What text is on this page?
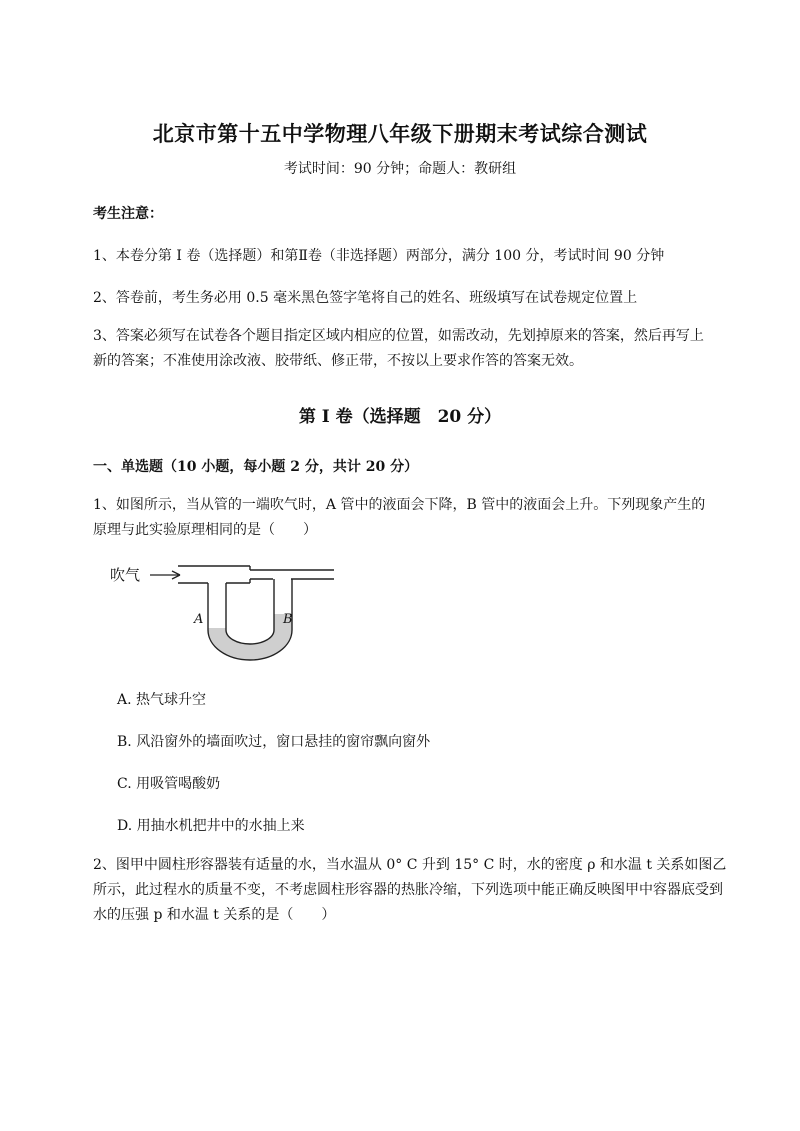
北京市第十五中学物理八年级下册期末考试综合测试
考试时间：90 分钟；命题人：教研组
考生注意：
1、本卷分第 I 卷（选择题）和第Ⅱ卷（非选择题）两部分，满分 100 分，考试时间 90 分钟
2、答卷前，考生务必用 0.5 毫米黑色签字笔将自己的姓名、班级填写在试卷规定位置上
3、答案必须写在试卷各个题目指定区域内相应的位置，如需改动，先划掉原来的答案，然后再写上新的答案；不准使用涂改液、胶带纸、修正带，不按以上要求作答的答案无效。
第 I 卷（选择题　20 分）
一、单选题（10 小题，每小题 2 分，共计 20 分）
1、如图所示，当从管的一端吹气时，A 管中的液面会下降，B 管中的液面会上升。下列现象产生的原理与此实验原理相同的是（　　）
吹气
A	B
A. 热气球升空
B. 风沿窗外的墙面吹过，窗口悬挂的窗帘飘向窗外
C. 用吸管喝酸奶
D. 用抽水机把井中的水抽上来
2、图甲中圆柱形容器装有适量的水，当水温从 0° C 升到 15° C 时，水的密度 ρ 和水温 t 关系如图乙所示，此过程水的质量不变，不考虑圆柱形容器的热胀冷缩，下列选项中能正确反映图甲中容器底受到水的压强 p 和水温 t 关系的是（　　）
